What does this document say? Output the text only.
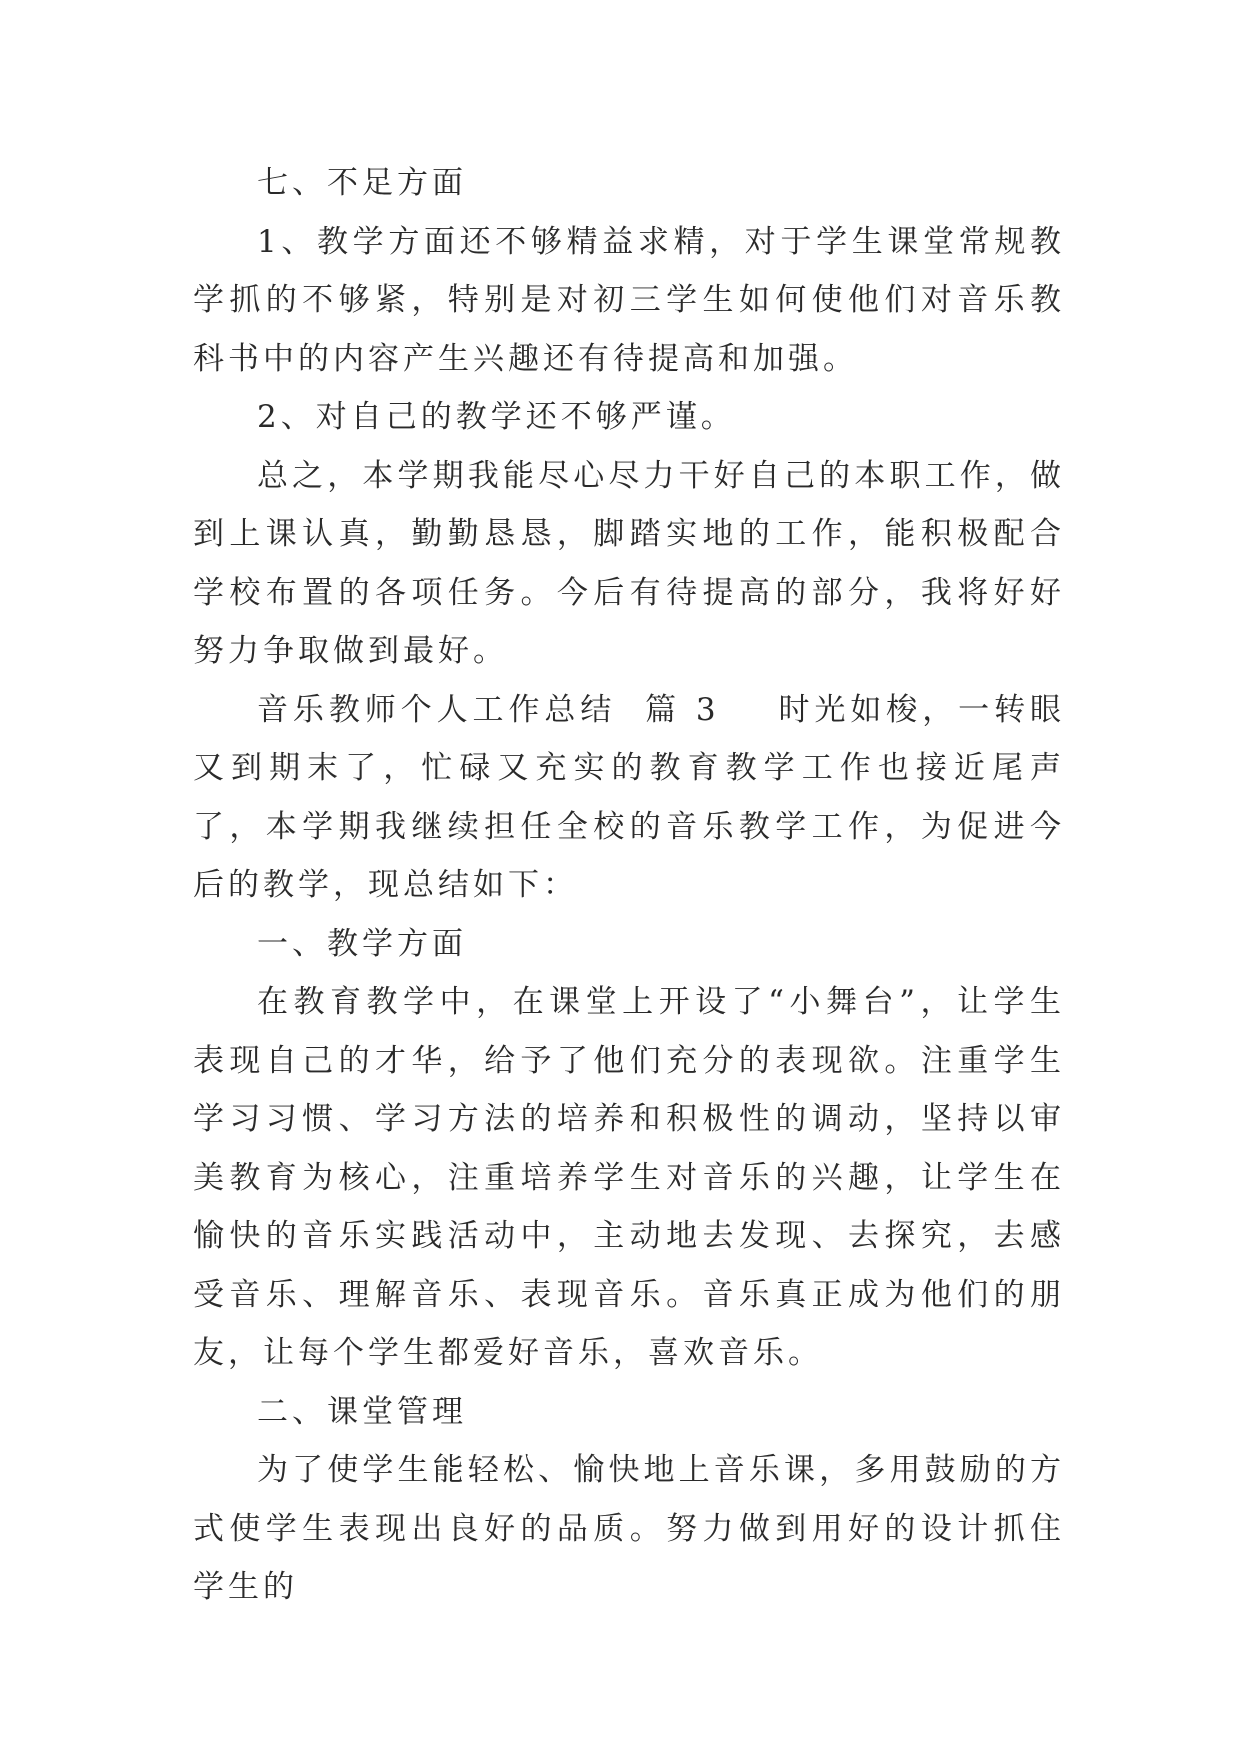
七、不足方面

1、教学方面还不够精益求精，对于学生课堂常规教学抓的不够紧，特别是对初三学生如何使他们对音乐教科书中的内容产生兴趣还有待提高和加强。

2、对自己的教学还不够严谨。

总之，本学期我能尽心尽力干好自己的本职工作，做到上课认真，勤勤恳恳，脚踏实地的工作，能积极配合学校布置的各项任务。今后有待提高的部分，我将好好努力争取做到最好。

音乐教师个人工作总结 篇 3 时光如梭，一转眼又到期末了，忙碌又充实的教育教学工作也接近尾声了，本学期我继续担任全校的音乐教学工作，为促进今后的教学，现总结如下：

一、教学方面

在教育教学中，在课堂上开设了“小舞台”，让学生表现自己的才华，给予了他们充分的表现欲。注重学生学习习惯、学习方法的培养和积极性的调动，坚持以审美教育为核心，注重培养学生对音乐的兴趣，让学生在愉快的音乐实践活动中，主动地去发现、去探究，去感受音乐、理解音乐、表现音乐。音乐真正成为他们的朋友，让每个学生都爱好音乐，喜欢音乐。

二、课堂管理

为了使学生能轻松、愉快地上音乐课，多用鼓励的方式使学生表现出良好的品质。努力做到用好的设计抓住学生的
